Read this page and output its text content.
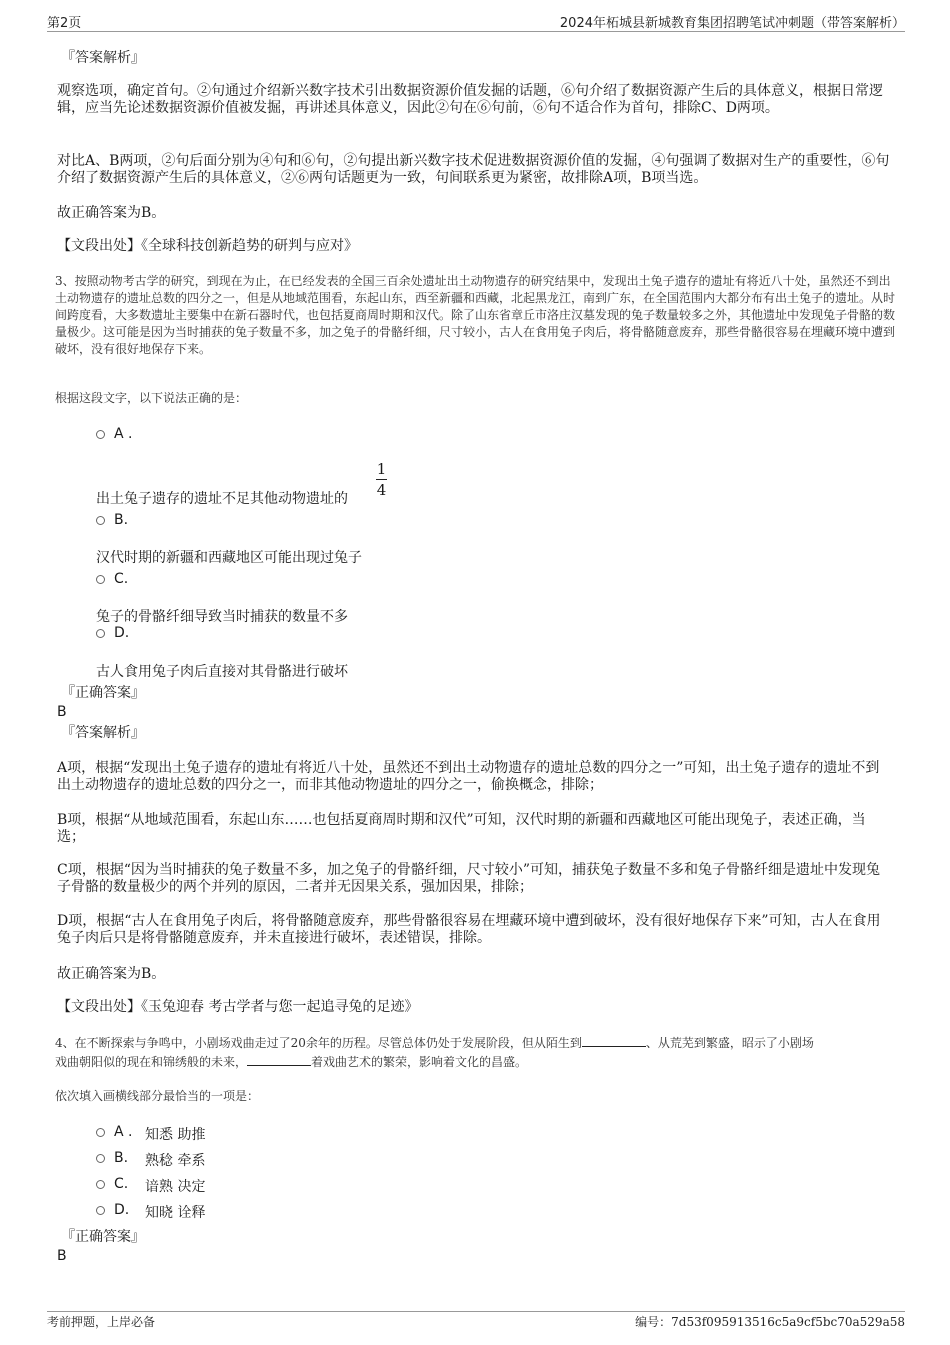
第2页	2024年柘城县新城教育集团招聘笔试冲刺题（带答案解析）
『答案解析』
观察选项，确定首句。②句通过介绍新兴数字技术引出数据资源价值发掘的话题，⑥句介绍了数据资源产生后的具体意义，根据日常逻辑，应当先论述数据资源价值被发掘，再讲述具体意义，因此②句在⑥句前，⑥句不适合作为首句，排除C、D两项。
对比A、B两项，②句后面分别为④句和⑥句，②句提出新兴数字技术促进数据资源价值的发掘，④句强调了数据对生产的重要性，⑥句介绍了数据资源产生后的具体意义，②⑥两句话题更为一致，句间联系更为紧密，故排除A项，B项当选。
故正确答案为B。
【文段出处】《全球科技创新趋势的研判与应对》
3、按照动物考古学的研究，到现在为止，在已经发表的全国三百余处遗址出土动物遗存的研究结果中，发现出土兔子遗存的遗址有将近八十处，虽然还不到出土动物遗存的遗址总数的四分之一，但是从地域范围看，东起山东，西至新疆和西藏，北起黑龙江，南到广东，在全国范围内大都分布有出土兔子的遗址。从时间跨度看，大多数遗址主要集中在新石器时代，也包括夏商周时期和汉代。除了山东省章丘市洛庄汉墓发现的兔子数量较多之外，其他遗址中发现兔子骨骼的数量极少。这可能是因为当时捕获的兔子数量不多，加之兔子的骨骼纤细，尺寸较小，古人在食用兔子肉后，将骨骼随意废弃，那些骨骼很容易在埋藏环境中遭到破坏，没有很好地保存下来。
根据这段文字，以下说法正确的是：
A .
出土兔子遗存的遗址不足其他动物遗址的
1
4
B.
汉代时期的新疆和西藏地区可能出现过兔子
C.
兔子的骨骼纤细导致当时捕获的数量不多
D.
古人食用兔子肉后直接对其骨骼进行破坏
『正确答案』
B
『答案解析』
A项，根据“发现出土兔子遗存的遗址有将近八十处，虽然还不到出土动物遗存的遗址总数的四分之一”可知，出土兔子遗存的遗址不到出土动物遗存的遗址总数的四分之一，而非其他动物遗址的四分之一，偷换概念，排除；
B项，根据“从地域范围看，东起山东……也包括夏商周时期和汉代”可知，汉代时期的新疆和西藏地区可能出现兔子，表述正确，当选；
C项，根据“因为当时捕获的兔子数量不多，加之兔子的骨骼纤细，尺寸较小”可知，捕获兔子数量不多和兔子骨骼纤细是遗址中发现兔子骨骼的数量极少的两个并列的原因，二者并无因果关系，强加因果，排除；
D项，根据“古人在食用兔子肉后，将骨骼随意废弃，那些骨骼很容易在埋藏环境中遭到破坏，没有很好地保存下来”可知，古人在食用兔子肉后只是将骨骼随意废弃，并未直接进行破坏，表述错误，排除。
故正确答案为B。
【文段出处】《玉兔迎春 考古学者与您一起追寻兔的足迹》
4、在不断探索与争鸣中，小剧场戏曲走过了20余年的历程。尽管总体仍处于发展阶段，但从陌生到	、从荒芜到繁盛，昭示了小剧场
戏曲朝阳似的现在和锦绣般的未来，	着戏曲艺术的繁荣，影响着文化的昌盛。
依次填入画横线部分最恰当的一项是：
A . 知悉 助推
B. 熟稔 牵系
C. 谙熟 决定
D. 知晓 诠释
『正确答案』
B
考前押题，上岸必备	编号：7d53f095913516c5a9cf5bc70a529a58
